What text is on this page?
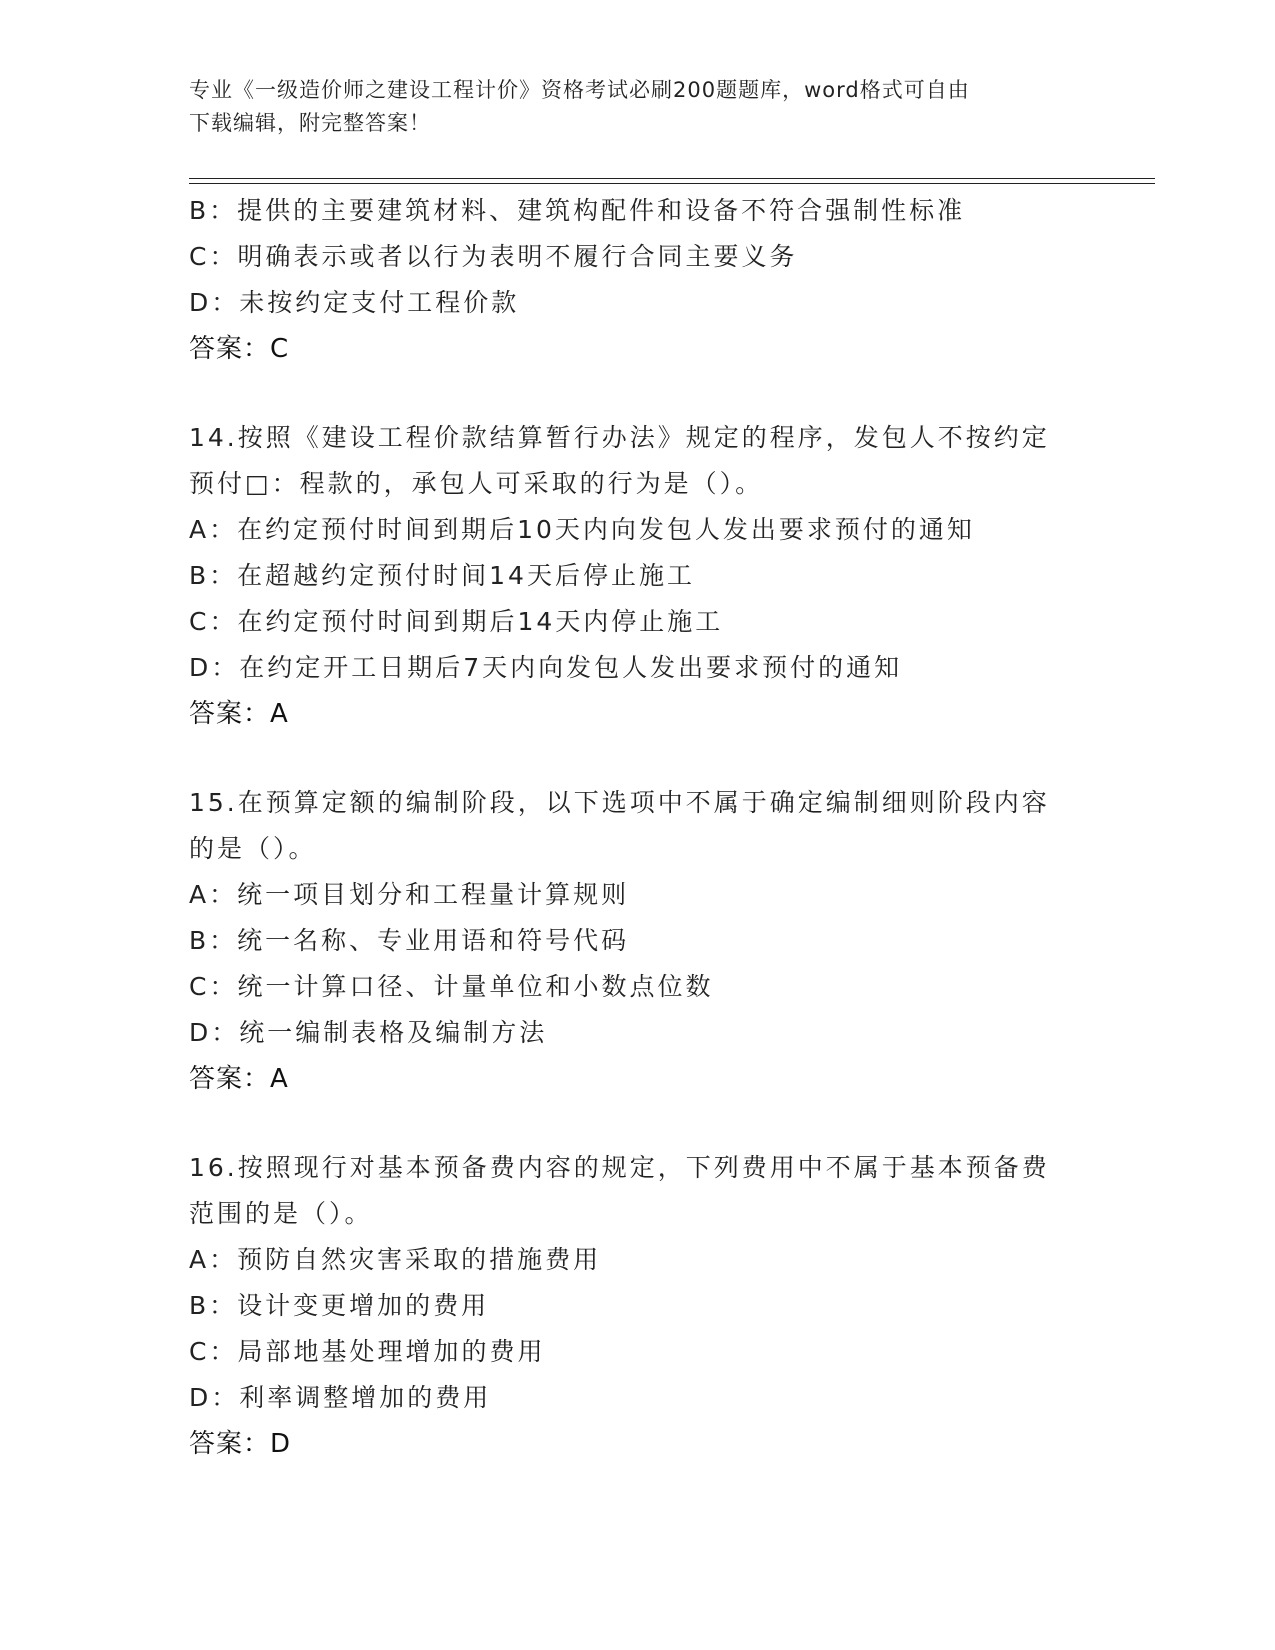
专业《一级造价师之建设工程计价》资格考试必刷200题题库，word格式可自由
下载编辑，附完整答案！
B：提供的主要建筑材料、建筑构配件和设备不符合强制性标准
C：明确表示或者以行为表明不履行合同主要义务
D：未按约定支付工程价款
答案：C
14.按照《建设工程价款结算暂行办法》规定的程序，发包人不按约定
预付□：程款的，承包人可采取的行为是（）。
A：在约定预付时间到期后10天内向发包人发出要求预付的通知
B：在超越约定预付时间14天后停止施工
C：在约定预付时间到期后14天内停止施工
D：在约定开工日期后7天内向发包人发出要求预付的通知
答案：A
15.在预算定额的编制阶段，以下选项中不属于确定编制细则阶段内容
的是（）。
A：统一项目划分和工程量计算规则
B：统一名称、专业用语和符号代码
C：统一计算口径、计量单位和小数点位数
D：统一编制表格及编制方法
答案：A
16.按照现行对基本预备费内容的规定，下列费用中不属于基本预备费
范围的是（）。
A：预防自然灾害采取的措施费用
B：设计变更增加的费用
C：局部地基处理增加的费用
D：利率调整增加的费用
答案：D
